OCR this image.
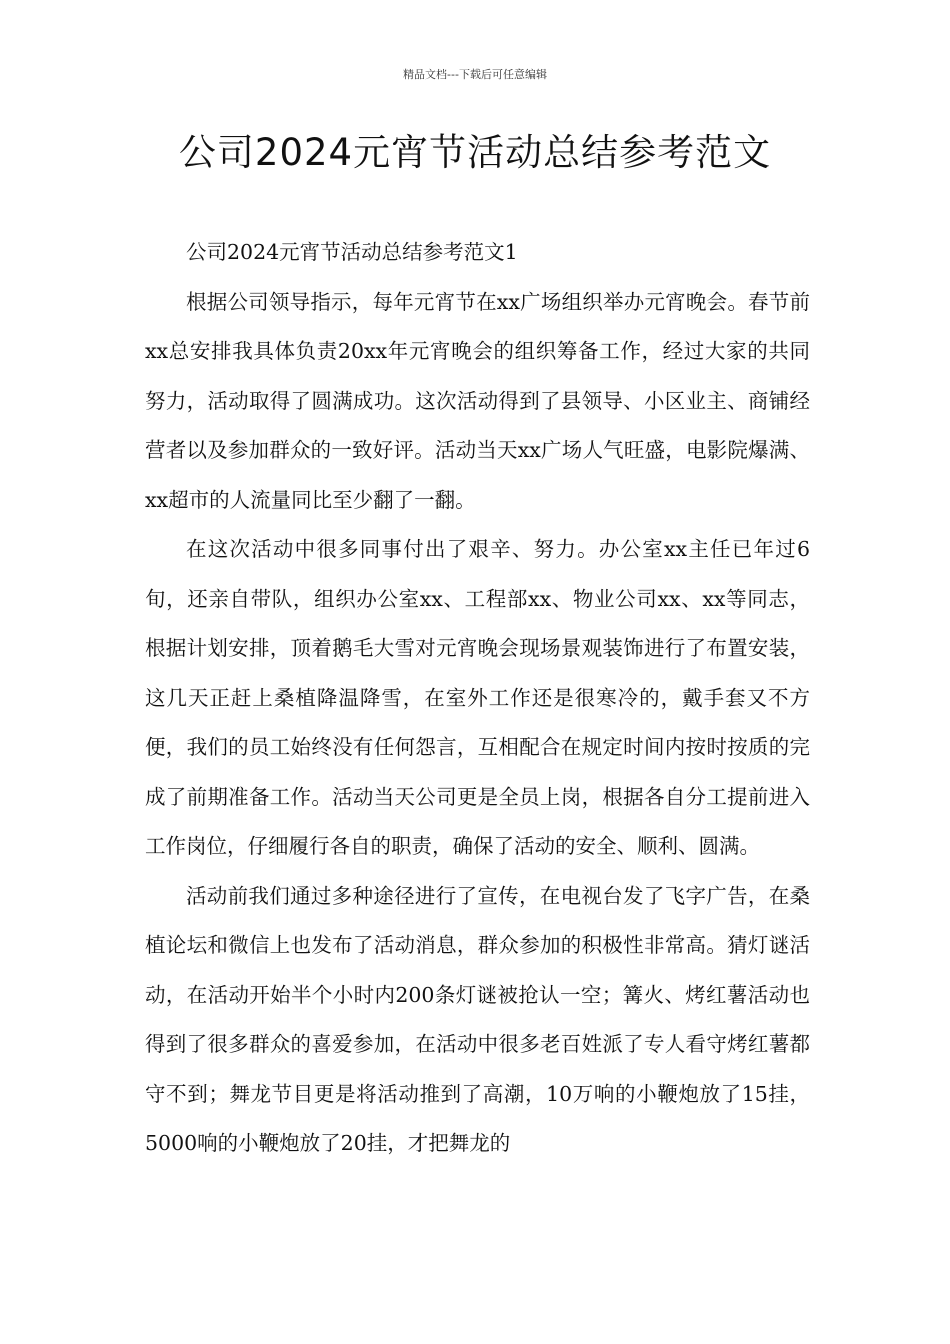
精品文档---下载后可任意编辑
公司2024元宵节活动总结参考范文

公司2024元宵节活动总结参考范文1

根据公司领导指示，每年元宵节在xx广场组织举办元宵晚会。春节前xx总安排我具体负责20xx年元宵晚会的组织筹备工作，经过大家的共同努力，活动取得了圆满成功。这次活动得到了县领导、小区业主、商铺经营者以及参加群众的一致好评。活动当天xx广场人气旺盛，电影院爆满、xx超市的人流量同比至少翻了一翻。

在这次活动中很多同事付出了艰辛、努力。办公室xx主任已年过6旬，还亲自带队，组织办公室xx、工程部xx、物业公司xx、xx等同志，根据计划安排，顶着鹅毛大雪对元宵晚会现场景观装饰进行了布置安装，这几天正赶上桑植降温降雪，在室外工作还是很寒冷的，戴手套又不方便，我们的员工始终没有任何怨言，互相配合在规定时间内按时按质的完成了前期准备工作。活动当天公司更是全员上岗，根据各自分工提前进入工作岗位，仔细履行各自的职责，确保了活动的安全、顺利、圆满。

活动前我们通过多种途径进行了宣传，在电视台发了飞字广告，在桑植论坛和微信上也发布了活动消息，群众参加的积极性非常高。猜灯谜活动，在活动开始半个小时内200条灯谜被抢认一空；篝火、烤红薯活动也得到了很多群众的喜爱参加，在活动中很多老百姓派了专人看守烤红薯都守不到；舞龙节目更是将活动推到了高潮，10万响的小鞭炮放了15挂，5000响的小鞭炮放了20挂，才把舞龙的
